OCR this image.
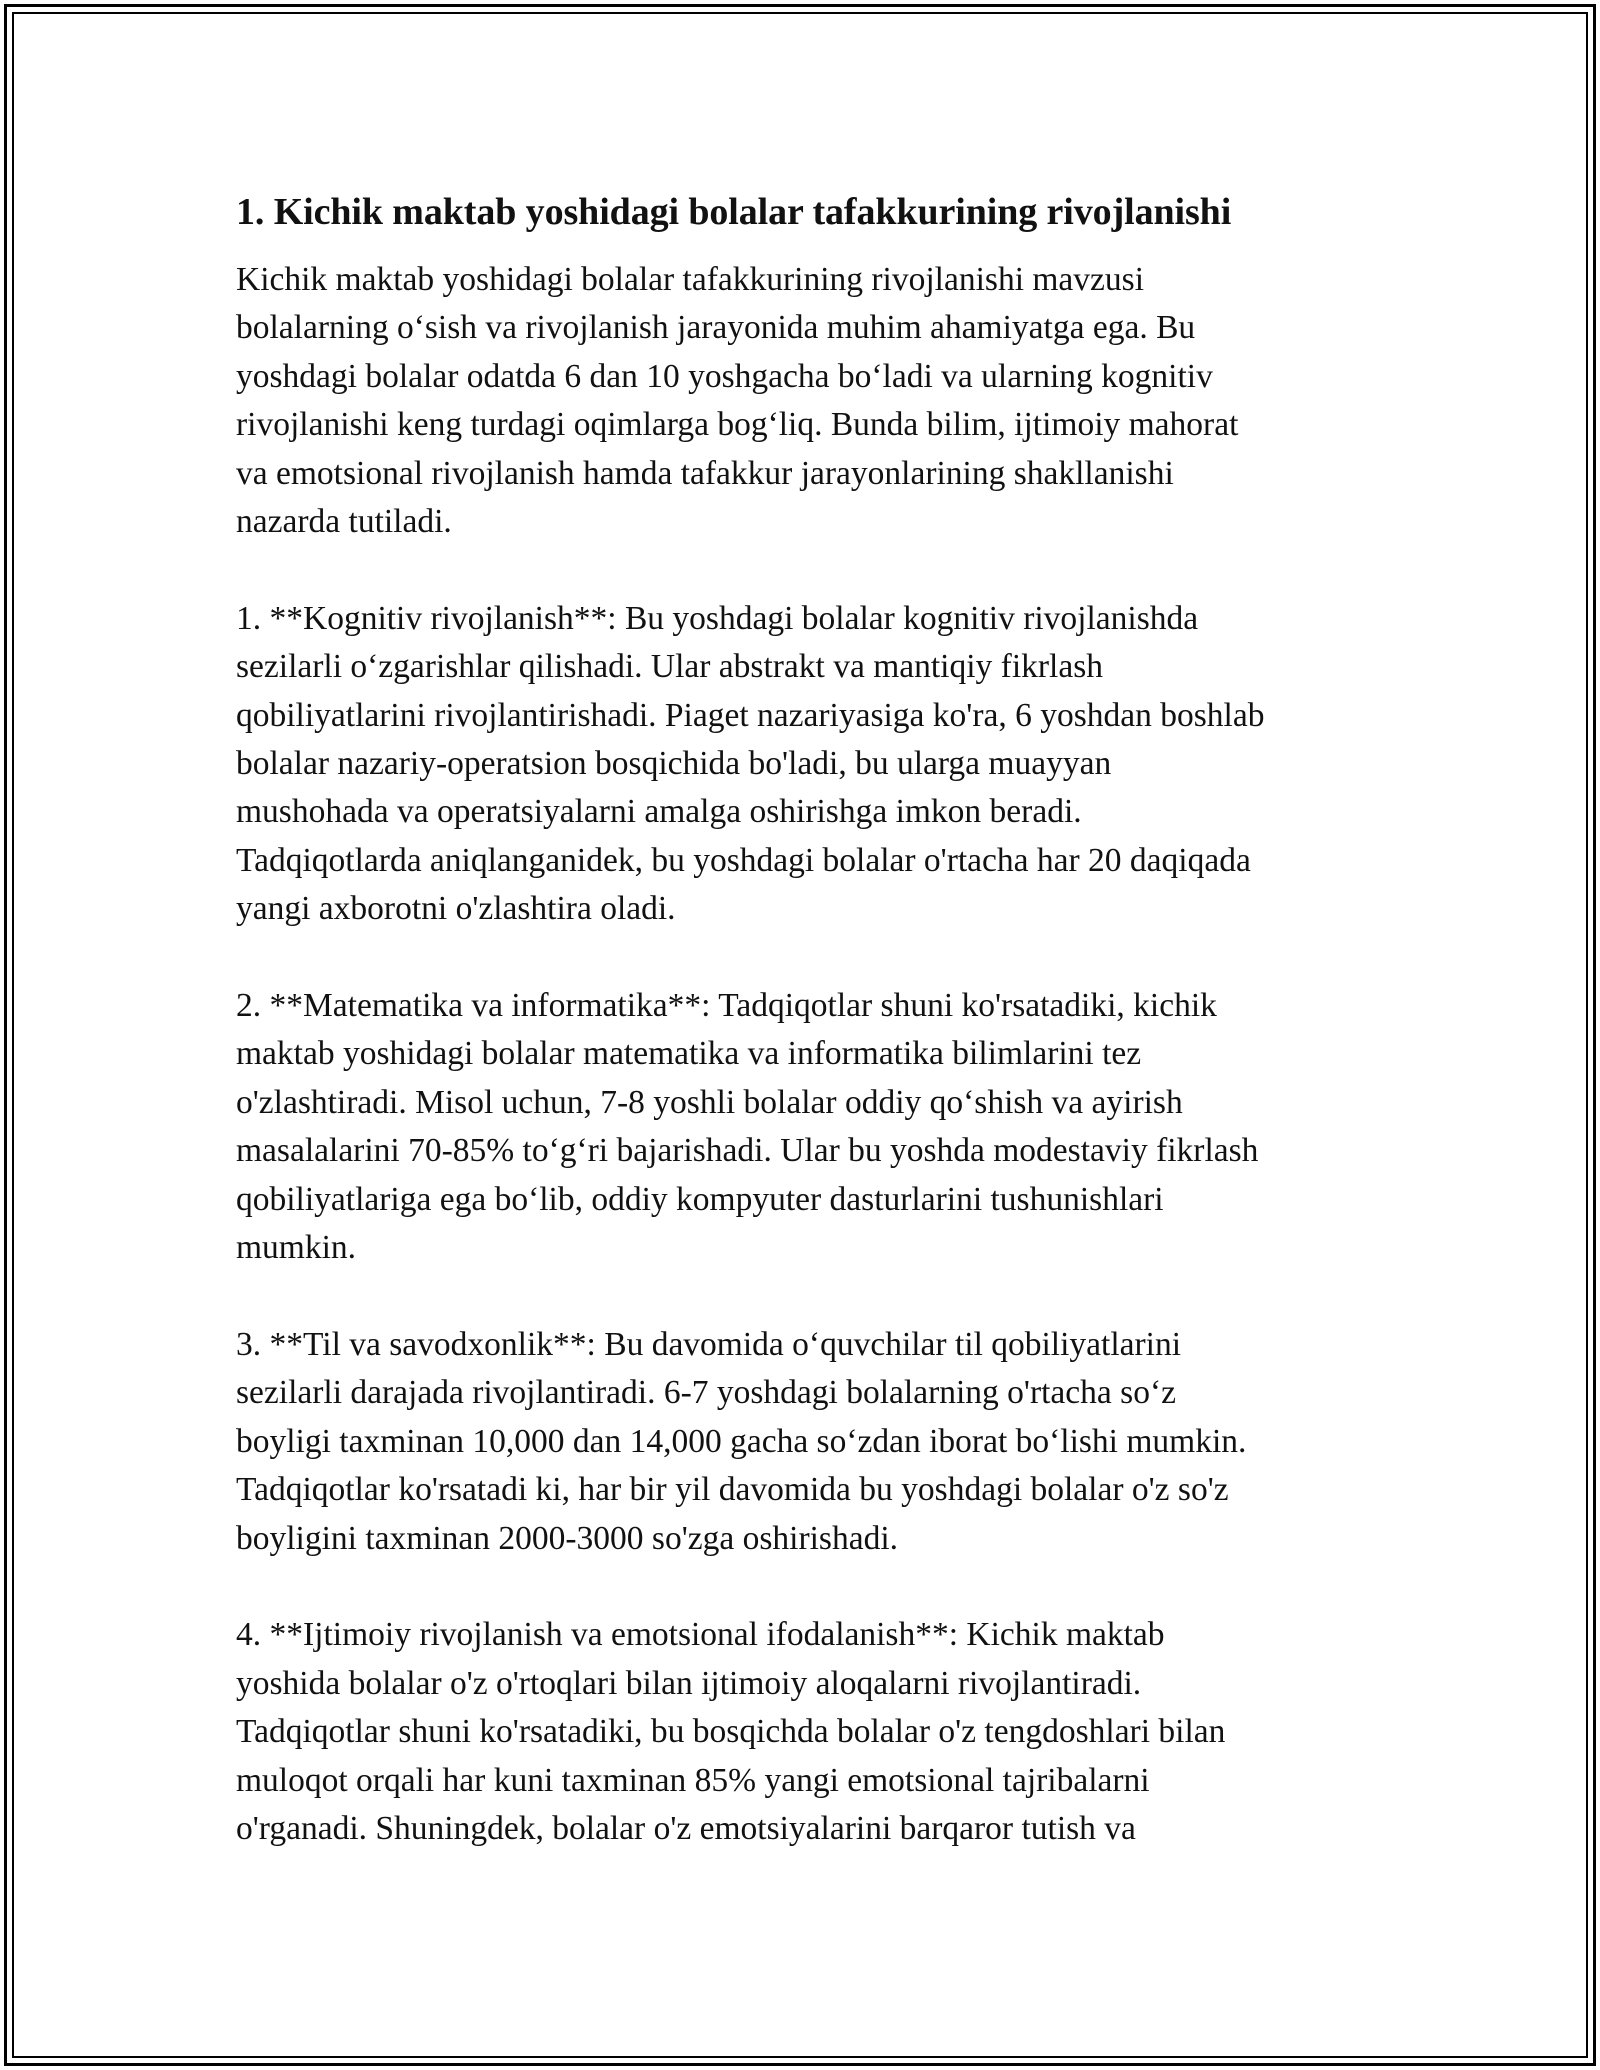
1. Kichik maktab yoshidagi bolalar tafakkurining rivojlanishi

Kichik maktab yoshidagi bolalar tafakkurining rivojlanishi mavzusi
bolalarning oʻsish va rivojlanish jarayonida muhim ahamiyatga ega. Bu
yoshdagi bolalar odatda 6 dan 10 yoshgacha boʻladi va ularning kognitiv
rivojlanishi keng turdagi oqimlarga bogʻliq. Bunda bilim, ijtimoiy mahorat
va emotsional rivojlanish hamda tafakkur jarayonlarining shakllanishi
nazarda tutiladi.

1. **Kognitiv rivojlanish**: Bu yoshdagi bolalar kognitiv rivojlanishda
sezilarli oʻzgarishlar qilishadi. Ular abstrakt va mantiqiy fikrlash
qobiliyatlarini rivojlantirishadi. Piaget nazariyasiga ko'ra, 6 yoshdan boshlab
bolalar nazariy-operatsion bosqichida bo'ladi, bu ularga muayyan
mushohada va operatsiyalarni amalga oshirishga imkon beradi.
Tadqiqotlarda aniqlanganidek, bu yoshdagi bolalar o'rtacha har 20 daqiqada
yangi axborotni o'zlashtira oladi.

2. **Matematika va informatika**: Tadqiqotlar shuni ko'rsatadiki, kichik
maktab yoshidagi bolalar matematika va informatika bilimlarini tez
o'zlashtiradi. Misol uchun, 7-8 yoshli bolalar oddiy qoʻshish va ayirish
masalalarini 70-85% toʻgʻri bajarishadi. Ular bu yoshda modestaviy fikrlash
qobiliyatlariga ega boʻlib, oddiy kompyuter dasturlarini tushunishlari
mumkin.

3. **Til va savodxonlik**: Bu davomida oʻquvchilar til qobiliyatlarini
sezilarli darajada rivojlantiradi. 6-7 yoshdagi bolalarning o'rtacha soʻz
boyligi taxminan 10,000 dan 14,000 gacha soʻzdan iborat boʻlishi mumkin.
Tadqiqotlar ko'rsatadi ki, har bir yil davomida bu yoshdagi bolalar o'z so'z
boyligini taxminan 2000-3000 so'zga oshirishadi.

4. **Ijtimoiy rivojlanish va emotsional ifodalanish**: Kichik maktab
yoshida bolalar o'z o'rtoqlari bilan ijtimoiy aloqalarni rivojlantiradi.
Tadqiqotlar shuni ko'rsatadiki, bu bosqichda bolalar o'z tengdoshlari bilan
muloqot orqali har kuni taxminan 85% yangi emotsional tajribalarni
o'rganadi. Shuningdek, bolalar o'z emotsiyalarini barqaror tutish va
